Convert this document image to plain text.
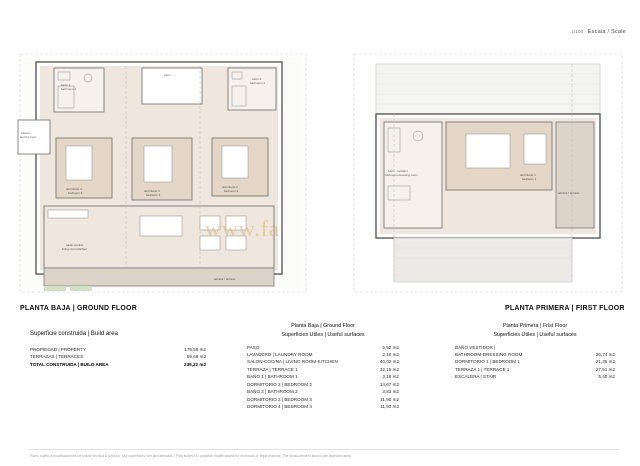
1/100 Escala / Scale
baño 1
bathroom 1
patio
baño 2
bathroom 2
trastero
laundry room
dormitorio 4
bedroom 4	dormitorio 3
bedroom 3
dormitorio 2
bedroom 2
salón-cocina
living room-kitchen
terraza / terrace
PLANTA BAJA | GROUND FLOOR
dormitorio 1
bedroom 1
baño - vestidor
bathroom-dressing room
terraza / terrace
PLANTA PRIMERA | FIRST FLOOR
www.fa
Superficie construida | Build area
PROPIEDAD | PROPERTY	175,56 m2
TERRAZAS | TERRACES	59,66 m2
TOTAL CONSTRUIDA | BUILD AREA	235,22 m2
Planta Baja | Ground Floor
Superficies Utiles | Useful surfaces
PASO	5,52 m2
LAVADERO | LAUNDRY ROOM	2,10 m2
SALON-COCINA | LIVING ROOM-KITCHEN	40,02 m2
TERRAZA | TERRACE 1	32,15 m2
BAÑO 1 | BATHROOM 1	3,18 m2
DORMITORIO 2 | BEDROOM 2	14,67 m2
BAÑO 2 | BATHROOM 2	3,83 m2
DORMITORIO 3 | BEDROOM 3	11,90 m2
DORMITORIO 4 | BEDROOM 4	11,90 m2
Planta Primera | Frist Floor
Superficies Utiles | Useful surfaces
BAÑO VESTIDOR |	
BATHROOM-DRESSING ROOM	26,74 m2
DORMITORIO 1 | BEDROOM 1	21,35 m2
TERRAZA 1 | TERRACE 1	27,51 m2
ESCALERA | STAIR	5,40 m2
Plano sujeto a modificaciones de índole técnica o jurídica. Las superficies son aproximadas / Plan subject to possible modifications for technical or legal reasons. The measurement shown are approximately.
